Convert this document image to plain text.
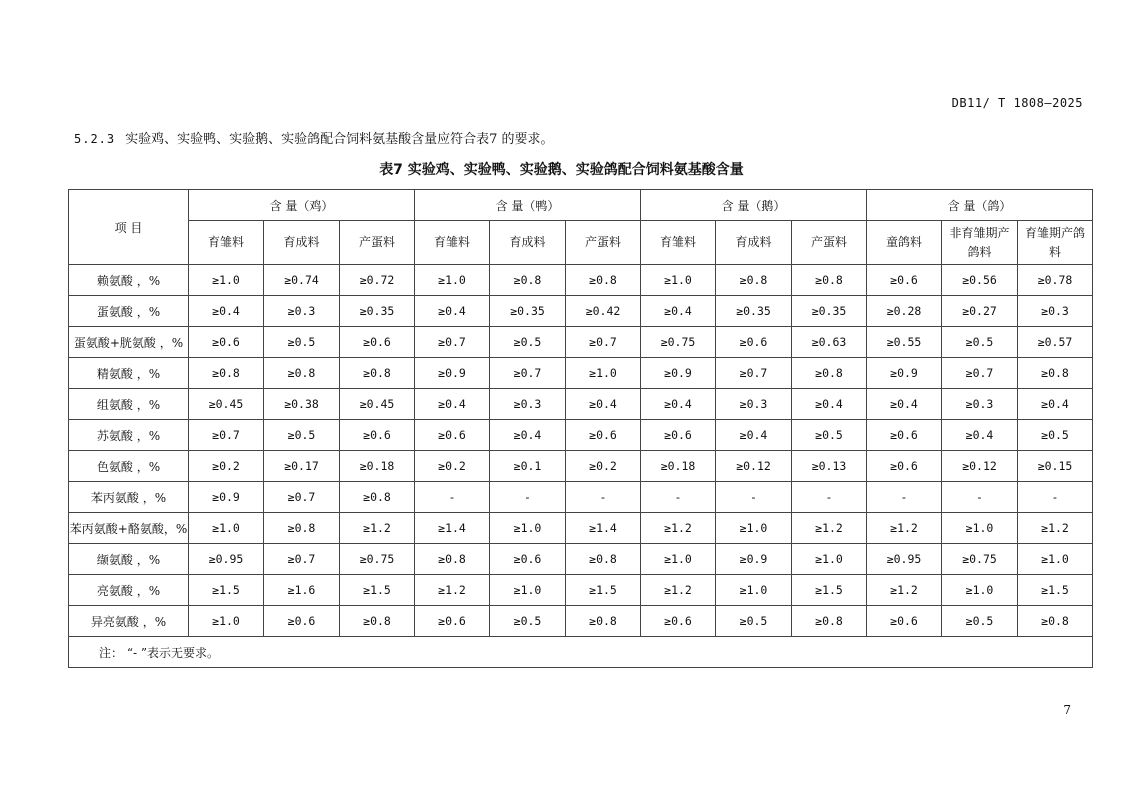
DB11/ T 1808—2025
5.2.3 实验鸡、实验鸭、实验鹅、实验鸽配合饲料氨基酸含量应符合表7 的要求。
表7 实验鸡、实验鸭、实验鹅、实验鸽配合饲料氨基酸含量
项 目	含 量（鸡）			含 量（鸭）			含 量（鹅）			含 量（鸽）		
	育雏料	育成料	产蛋料	育雏料	育成料	产蛋料	育雏料	育成料	产蛋料	童鸽料	非育雏期产鸽料	育雏期产鸽料
赖氨酸 ，%	≥1.0	≥0.74	≥0.72	≥1.0	≥0.8	≥0.8	≥1.0	≥0.8	≥0.8	≥0.6	≥0.56	≥0.78
蛋氨酸 ，%	≥0.4	≥0.3	≥0.35	≥0.4	≥0.35	≥0.42	≥0.4	≥0.35	≥0.35	≥0.28	≥0.27	≥0.3
蛋氨酸+胱氨酸 ，%	≥0.6	≥0.5	≥0.6	≥0.7	≥0.5	≥0.7	≥0.75	≥0.6	≥0.63	≥0.55	≥0.5	≥0.57
精氨酸 ，%	≥0.8	≥0.8	≥0.8	≥0.9	≥0.7	≥1.0	≥0.9	≥0.7	≥0.8	≥0.9	≥0.7	≥0.8
组氨酸 ，%	≥0.45	≥0.38	≥0.45	≥0.4	≥0.3	≥0.4	≥0.4	≥0.3	≥0.4	≥0.4	≥0.3	≥0.4
苏氨酸 ，%	≥0.7	≥0.5	≥0.6	≥0.6	≥0.4	≥0.6	≥0.6	≥0.4	≥0.5	≥0.6	≥0.4	≥0.5
色氨酸 ，%	≥0.2	≥0.17	≥0.18	≥0.2	≥0.1	≥0.2	≥0.18	≥0.12	≥0.13	≥0.6	≥0.12	≥0.15
苯丙氨酸 ，%	≥0.9	≥0.7	≥0.8	-	-	-	-	-	-	-	-	-
苯丙氨酸+酪氨酸，%	≥1.0	≥0.8	≥1.2	≥1.4	≥1.0	≥1.4	≥1.2	≥1.0	≥1.2	≥1.2	≥1.0	≥1.2
缬氨酸 ，%	≥0.95	≥0.7	≥0.75	≥0.8	≥0.6	≥0.8	≥1.0	≥0.9	≥1.0	≥0.95	≥0.75	≥1.0
亮氨酸 ，%	≥1.5	≥1.6	≥1.5	≥1.2	≥1.0	≥1.5	≥1.2	≥1.0	≥1.5	≥1.2	≥1.0	≥1.5
异亮氨酸 ，%	≥1.0	≥0.6	≥0.8	≥0.6	≥0.5	≥0.8	≥0.6	≥0.5	≥0.8	≥0.6	≥0.5	≥0.8
注： “- ”表示无要求。												
7
